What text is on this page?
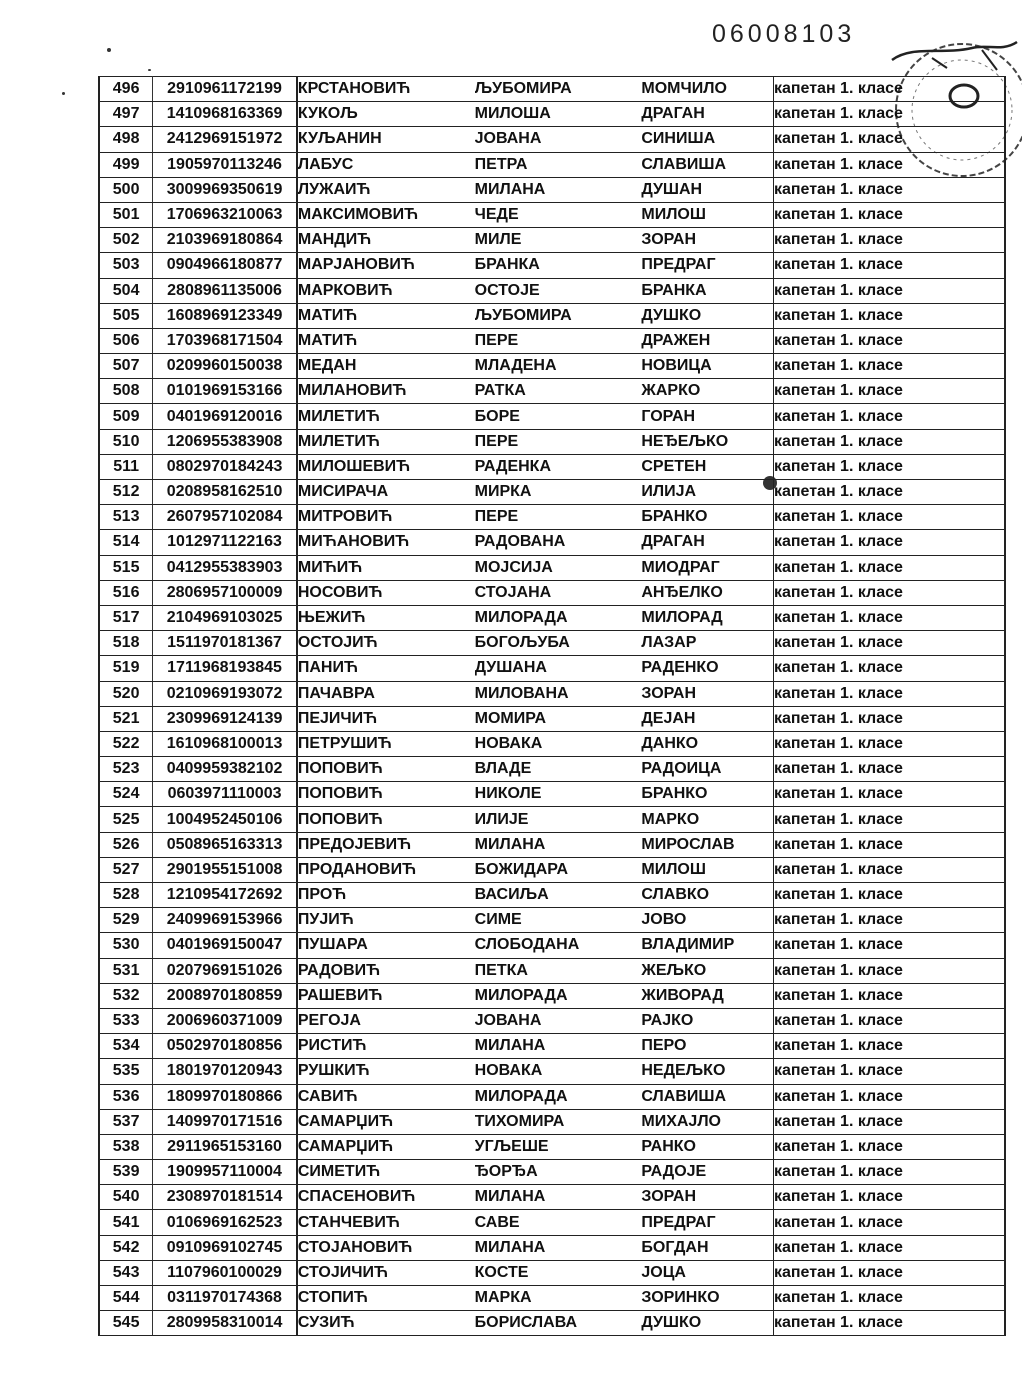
06008103
496	2910961172199	КРСТАНОВИЋ	ЉУБОМИРА	МОМЧИЛО	капетан 1. класе
497	1410968163369	КУКОЉ	МИЛОША	ДРАГАН	капетан 1. класе
498	2412969151972	КУЉАНИН	ЈОВАНА	СИНИША	капетан 1. класе
499	1905970113246	ЛАБУС	ПЕТРА	СЛАВИША	капетан 1. класе
500	3009969350619	ЛУЖАИЋ	МИЛАНА	ДУШАН	капетан 1. класе
501	1706963210063	МАКСИМОВИЋ	ЧЕДЕ	МИЛОШ	капетан 1. класе
502	2103969180864	МАНДИЋ	МИЛЕ	ЗОРАН	капетан 1. класе
503	0904966180877	МАРЈАНОВИЋ	БРАНКА	ПРЕДРАГ	капетан 1. класе
504	2808961135006	МАРКОВИЋ	ОСТОЈЕ	БРАНКА	капетан 1. класе
505	1608969123349	МАТИЋ	ЉУБОМИРА	ДУШКО	капетан 1. класе
506	1703968171504	МАТИЋ	ПЕРЕ	ДРАЖЕН	капетан 1. класе
507	0209960150038	МЕДАН	МЛАДЕНА	НОВИЦА	капетан 1. класе
508	0101969153166	МИЛАНОВИЋ	РАТКА	ЖАРКО	капетан 1. класе
509	0401969120016	МИЛЕТИЋ	БОРЕ	ГОРАН	капетан 1. класе
510	1206955383908	МИЛЕТИЋ	ПЕРЕ	НЕЂЕЉКО	капетан 1. класе
511	0802970184243	МИЛОШЕВИЋ	РАДЕНКА	СРЕТЕН	капетан 1. класе
512	0208958162510	МИСИРАЧА	МИРКА	ИЛИЈА	капетан 1. класе
513	2607957102084	МИТРОВИЋ	ПЕРЕ	БРАНКО	капетан 1. класе
514	1012971122163	МИЋАНОВИЋ	РАДОВАНА	ДРАГАН	капетан 1. класе
515	0412955383903	МИЋИЋ	МОЈСИЈА	МИОДРАГ	капетан 1. класе
516	2806957100009	НОСОВИЋ	СТОЈАНА	АНЂЕЛКО	капетан 1. класе
517	2104969103025	ЊЕЖИЋ	МИЛОРАДА	МИЛОРАД	капетан 1. класе
518	1511970181367	ОСТОЈИЋ	БОГОЉУБА	ЛАЗАР	капетан 1. класе
519	1711968193845	ПАНИЋ	ДУШАНА	РАДЕНКО	капетан 1. класе
520	0210969193072	ПАЧАВРА	МИЛОВАНА	ЗОРАН	капетан 1. класе
521	2309969124139	ПЕЈИЧИЋ	МОМИРА	ДЕЈАН	капетан 1. класе
522	1610968100013	ПЕТРУШИЋ	НОВАКА	ДАНКО	капетан 1. класе
523	0409959382102	ПОПОВИЋ	ВЛАДЕ	РАДОИЦА	капетан 1. класе
524	0603971110003	ПОПОВИЋ	НИКОЛЕ	БРАНКО	капетан 1. класе
525	1004952450106	ПОПОВИЋ	ИЛИЈЕ	МАРКО	капетан 1. класе
526	0508965163313	ПРЕДОЈЕВИЋ	МИЛАНА	МИРОСЛАВ	капетан 1. класе
527	2901955151008	ПРОДАНОВИЋ	БОЖИДАРА	МИЛОШ	капетан 1. класе
528	1210954172692	ПРОЋ	ВАСИЉА	СЛАВКО	капетан 1. класе
529	2409969153966	ПУЈИЋ	СИМЕ	ЈОВО	капетан 1. класе
530	0401969150047	ПУШАРА	СЛОБОДАНА	ВЛАДИМИР	капетан 1. класе
531	0207969151026	РАДОВИЋ	ПЕТКА	ЖЕЉКО	капетан 1. класе
532	2008970180859	РАШЕВИЋ	МИЛОРАДА	ЖИВОРАД	капетан 1. класе
533	2006960371009	РЕГОЈА	ЈОВАНА	РАЈКО	капетан 1. класе
534	0502970180856	РИСТИЋ	МИЛАНА	ПЕРО	капетан 1. класе
535	1801970120943	РУШКИЋ	НОВАКА	НЕДЕЉКО	капетан 1. класе
536	1809970180866	САВИЋ	МИЛОРАДА	СЛАВИША	капетан 1. класе
537	1409970171516	САМАРЏИЋ	ТИХОМИРА	МИХАЈЛО	капетан 1. класе
538	2911965153160	САМАРЏИЋ	УГЉЕШЕ	РАНКО	капетан 1. класе
539	1909957110004	СИМЕТИЋ	ЂОРЂА	РАДОЈЕ	капетан 1. класе
540	2308970181514	СПАСЕНОВИЋ	МИЛАНА	ЗОРАН	капетан 1. класе
541	0106969162523	СТАНЧЕВИЋ	САВЕ	ПРЕДРАГ	капетан 1. класе
542	0910969102745	СТОЈАНОВИЋ	МИЛАНА	БОГДАН	капетан 1. класе
543	1107960100029	СТОЈИЧИЋ	КОСТЕ	ЈОЦА	капетан 1. класе
544	0311970174368	СТОПИЋ	МАРКА	ЗОРИНКО	капетан 1. класе
545	2809958310014	СУЗИЋ	БОРИСЛАВА	ДУШКО	капетан 1. класе
